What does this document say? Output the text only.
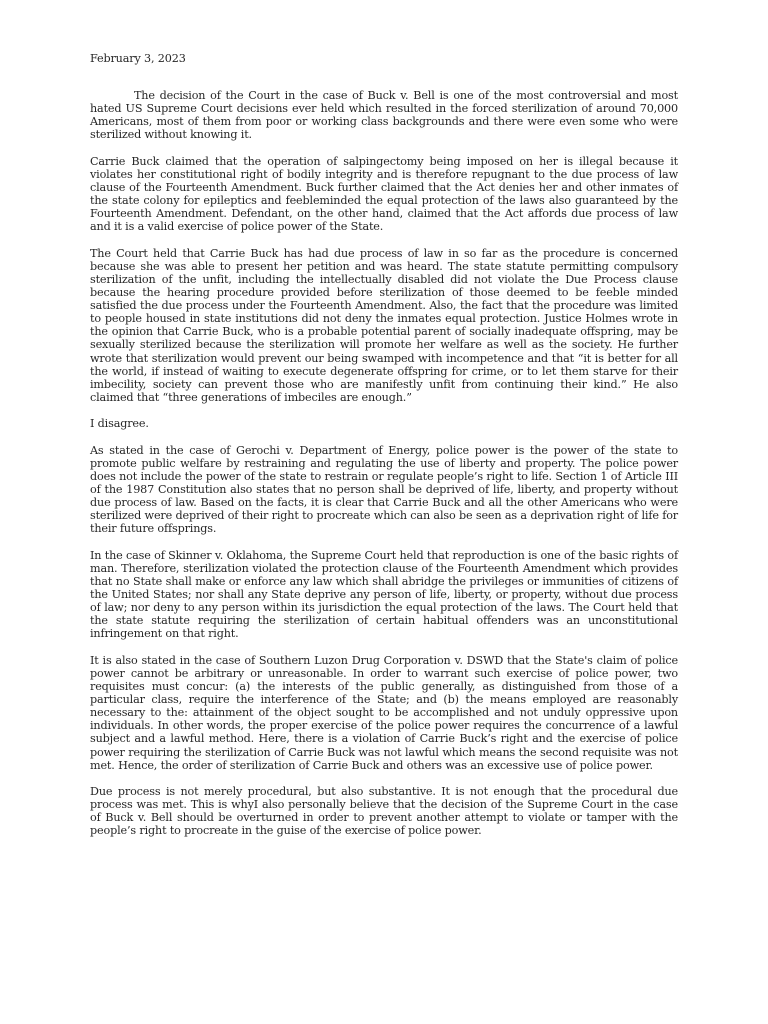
February 3, 2023

The decision of the Court in the case of Buck v. Bell is one of the most controversial and most hated US Supreme Court decisions ever held which resulted in the forced sterilization of around 70,000 Americans, most of them from poor or working class backgrounds and there were even some who were sterilized without knowing it.

Carrie Buck claimed that the operation of salpingectomy being imposed on her is illegal because it violates her constitutional right of bodily integrity and is therefore repugnant to the due process of law clause of the Fourteenth Amendment. Buck further claimed that the Act denies her and other inmates of the state colony for epileptics and feebleminded the equal protection of the laws also guaranteed by the Fourteenth Amendment. Defendant, on the other hand, claimed that the Act affords due process of law and it is a valid exercise of police power of the State.

The Court held that Carrie Buck has had due process of law in so far as the procedure is concerned because she was able to present her petition and was heard. The state statute permitting compulsory sterilization of the unfit, including the intellectually disabled did not violate the Due Process clause because the hearing procedure provided before sterilization of those deemed to be feeble minded satisfied the due process under the Fourteenth Amendment. Also, the fact that the procedure was limited to people housed in state institutions did not deny the inmates equal protection. Justice Holmes wrote in the opinion that Carrie Buck, who is a probable potential parent of socially inadequate offspring, may be sexually sterilized because the sterilization will promote her welfare as well as the society. He further wrote that sterilization would prevent our being swamped with incompetence and that “it is better for all the world, if instead of waiting to execute degenerate offspring for crime, or to let them starve for their imbecility, society can prevent those who are manifestly unfit from continuing their kind.” He also claimed that “three generations of imbeciles are enough.”

I disagree.

As stated in the case of Gerochi v. Department of Energy, police power is the power of the state to promote public welfare by restraining and regulating the use of liberty and property. The police power does not include the power of the state to restrain or regulate people’s right to life. Section 1 of Article III of the 1987 Constitution also states that no person shall be deprived of life, liberty, and property without due process of law. Based on the facts, it is clear that Carrie Buck and all the other Americans who were sterilized were deprived of their right to procreate which can also be seen as a deprivation right of life for their future offsprings.

In the case of Skinner v. Oklahoma, the Supreme Court held that reproduction is one of the basic rights of man. Therefore, sterilization violated the protection clause of the Fourteenth Amendment which provides that no State shall make or enforce any law which shall abridge the privileges or immunities of citizens of the United States; nor shall any State deprive any person of life, liberty, or property, without due process of law; nor deny to any person within its jurisdiction the equal protection of the laws. The Court held that the state statute requiring the sterilization of certain habitual offenders was an unconstitutional infringement on that right.

It is also stated in the case of Southern Luzon Drug Corporation v. DSWD that the State's claim of police power cannot be arbitrary or unreasonable. In order to warrant such exercise of police power, two requisites must concur: (a) the interests of the public generally, as distinguished from those of a particular class, require the interference of the State; and (b) the means employed are reasonably necessary to the: attainment of the object sought to be accomplished and not unduly oppressive upon individuals. In other words, the proper exercise of the police power requires the concurrence of a lawful subject and a lawful method. Here, there is a violation of Carrie Buck’s right and the exercise of police power requiring the sterilization of Carrie Buck was not lawful which means the second requisite was not met. Hence, the order of sterilization of Carrie Buck and others was an excessive use of police power.

Due process is not merely procedural, but also substantive. It is not enough that the procedural due process was met. This is whyI also personally believe that the decision of the Supreme Court in the case of Buck v. Bell should be overturned in order to prevent another attempt to violate or tamper with the people’s right to procreate in the guise of the exercise of police power.
